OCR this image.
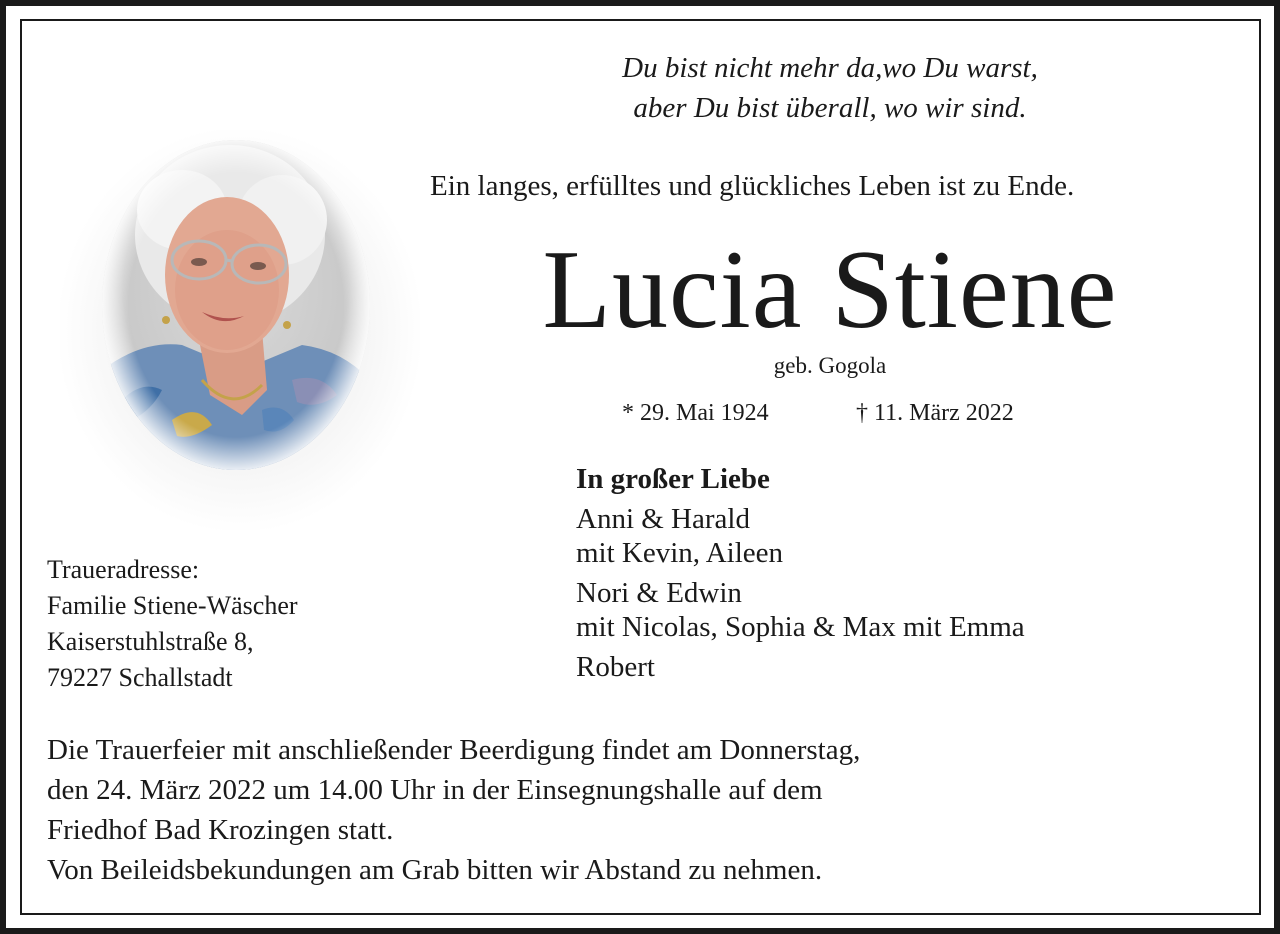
Du bist nicht mehr da,wo Du warst,
aber Du bist überall, wo wir sind.
Ein langes, erfülltes und glückliches Leben ist zu Ende.
Lucia Stiene
geb. Gogola
* 29. Mai 1924	† 11. März 2022
In großer Liebe
Anni & Harald
mit Kevin, Aileen
Nori & Edwin
mit Nicolas, Sophia & Max mit Emma
Robert
Traueradresse:
Familie Stiene-Wäscher
Kaiserstuhlstraße 8,
79227 Schallstadt
Die Trauerfeier mit anschließender Beerdigung findet am Donnerstag,
den 24. März 2022 um 14.00 Uhr in der Einsegnungshalle auf dem
Friedhof Bad Krozingen statt.
Von Beileidsbekundungen am Grab bitten wir Abstand zu nehmen.
